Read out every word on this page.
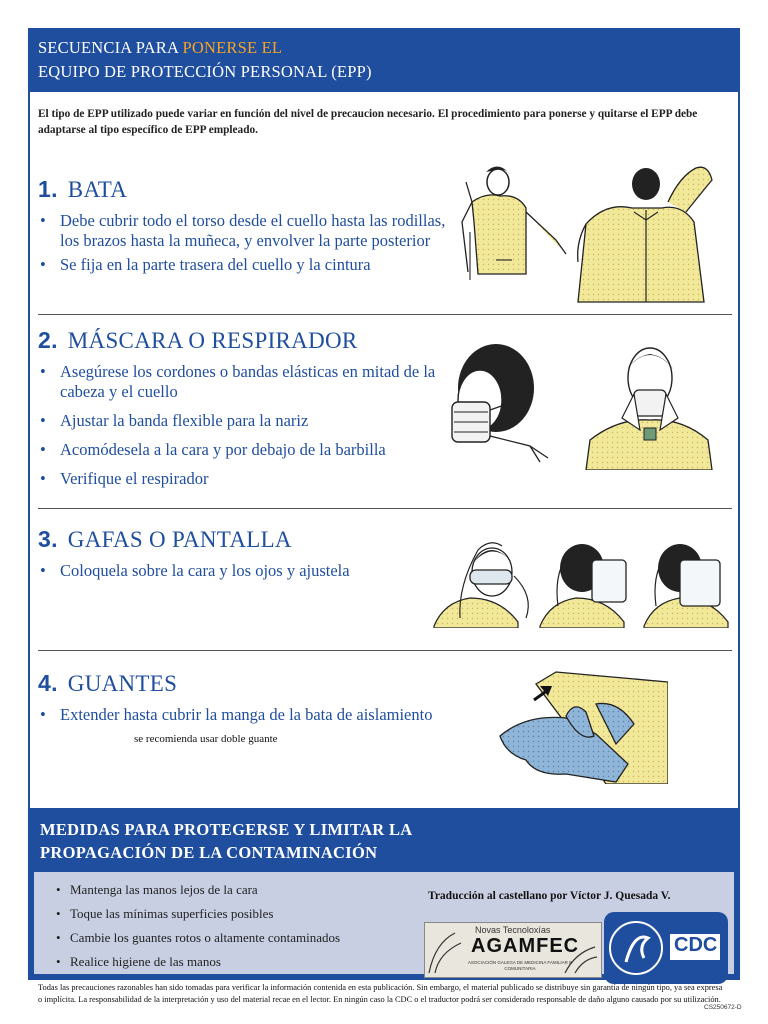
SECUENCIA PARA PONERSE EL
EQUIPO DE PROTECCIÓN PERSONAL (EPP)
El tipo de EPP utilizado puede variar en función del nivel de precaucion necesario. El procedimiento para ponerse y quitarse el EPP debe adaptarse al tipo específico de EPP empleado.
1. BATA
• Debe cubrir todo el torso desde el cuello hasta las rodillas, los brazos hasta la muñeca, y envolver la parte posterior
• Se fija en la parte trasera del cuello y la cintura
2. MÁSCARA O RESPIRADOR
• Asegúrese los cordones o bandas elásticas en mitad de la cabeza y el cuello
• Ajustar la banda flexible para la nariz
• Acomódesela a la cara y por debajo de la barbilla
• Verifique el respirador
3. GAFAS O PANTALLA
• Coloquela sobre la cara y los ojos y ajustela
4. GUANTES
• Extender hasta cubrir la manga de la bata de aislamiento
se recomienda usar doble guante
MEDIDAS PARA PROTEGERSE Y LIMITAR LA
PROPAGACIÓN DE LA CONTAMINACIÓN
• Mantenga las manos lejos de la cara
• Toque las mínimas superficies posibles
• Cambie los guantes rotos o altamente contaminados
• Realice higiene de las manos
Traducción al castellano por Víctor J. Quesada V.
Novas Tecnoloxías
AGAMFEC
ASOCIACIÓN GALEGA DE MEDICINA FAMILIAR E COMUNITARIA
CDC
Todas las precauciones razonables han sido tomadas para verificar la información contenida en esta publicación. Sin embargo, el material publicado se distribuye sin garantía de ningún tipo, ya sea expresa o implícita. La responsabilidad de la interpretación y uso del material recae en el lector. En ningún caso la CDC o el traductor podrá ser considerado responsable de daño alguno causado por su utilización.
CS250672-D
